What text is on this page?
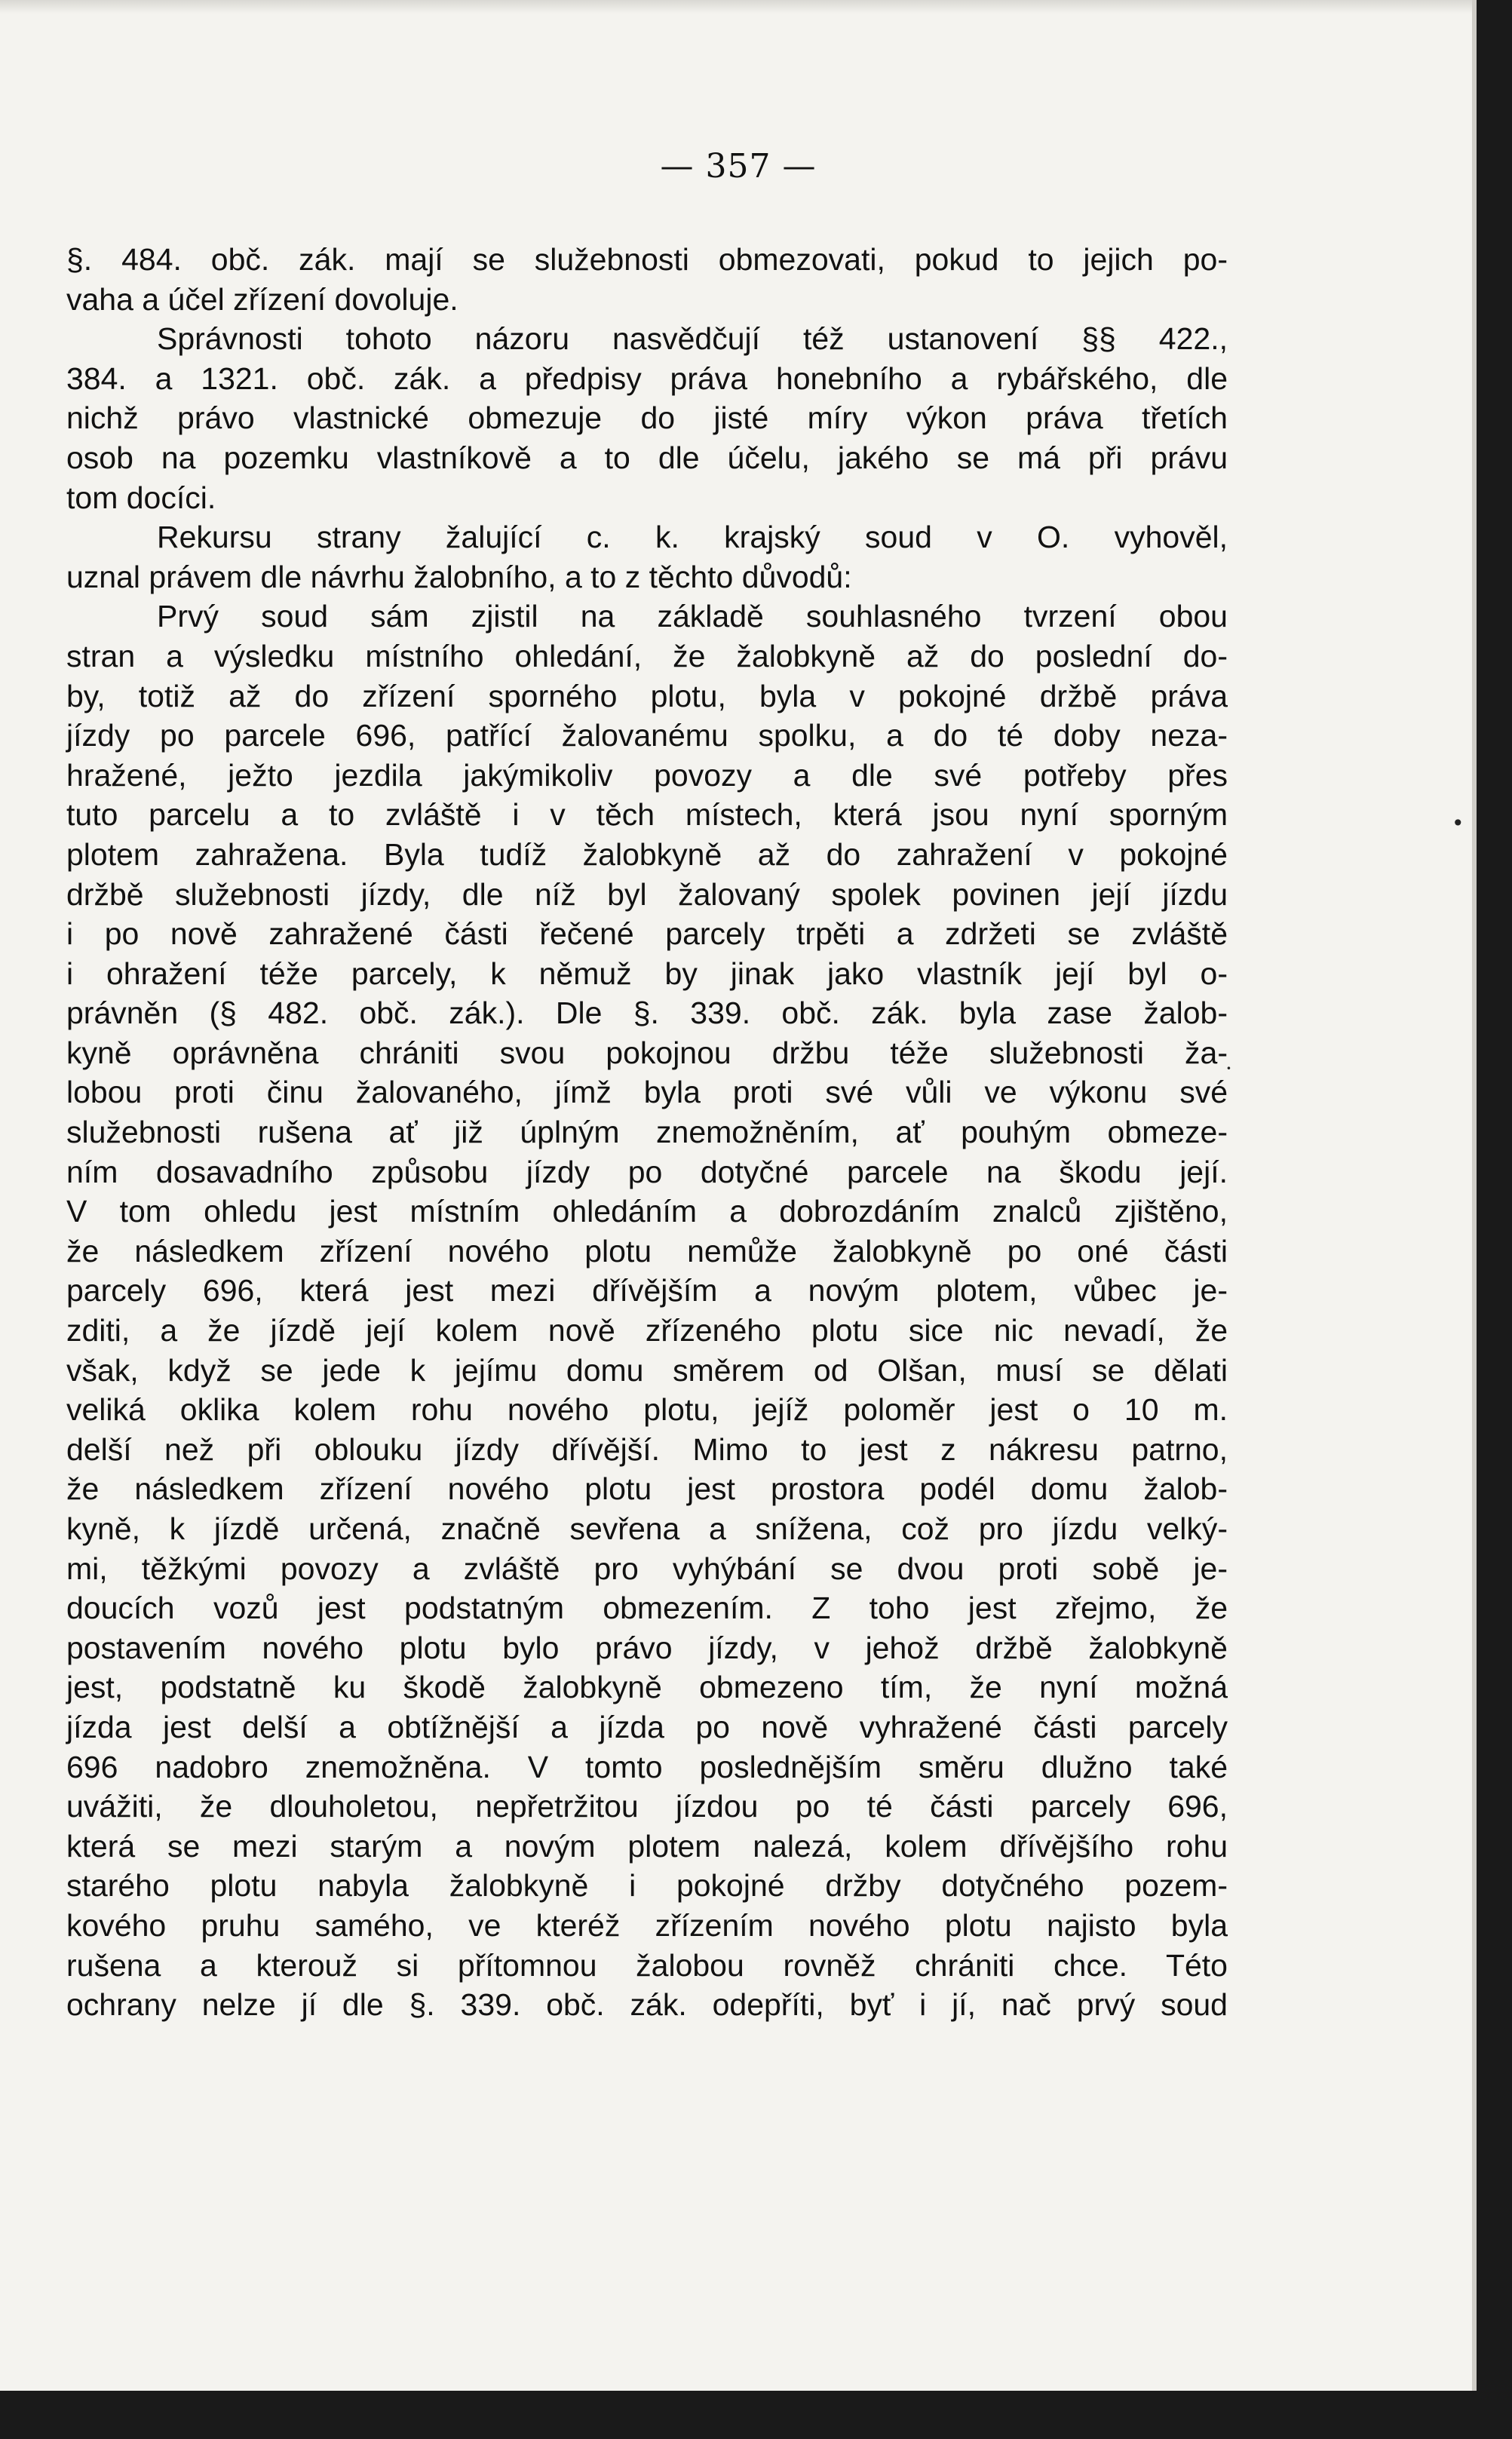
— 357 —
§. 484. obč. zák. mají se služebnosti obmezovati, pokud to jejich po-
vaha a účel zřízení dovoluje.
Správnosti tohoto názoru nasvědčují též ustanovení §§ 422.,
384. a 1321. obč. zák. a předpisy práva honebního a rybářského, dle
nichž právo vlastnické obmezuje do jisté míry výkon práva třetích
osob na pozemku vlastníkově a to dle účelu, jakého se má při právu
tom docíci.
Rekursu strany žalující c. k. krajský soud v O. vyhověl,
uznal právem dle návrhu žalobního, a to z těchto důvodů:
Prvý soud sám zjistil na základě souhlasného tvrzení obou
stran a výsledku místního ohledání, že žalobkyně až do poslední do-
by, totiž až do zřízení sporného plotu, byla v pokojné držbě práva
jízdy po parcele 696, patřící žalovanému spolku, a do té doby neza-
hražené, ježto jezdila jakýmikoliv povozy a dle své potřeby přes
tuto parcelu a to zvláště i v těch místech, která jsou nyní sporným
plotem zahražena. Byla tudíž žalobkyně až do zahražení v pokojné
držbě služebnosti jízdy, dle níž byl žalovaný spolek povinen její jízdu
i po nově zahražené části řečené parcely trpěti a zdržeti se zvláště
i ohražení téže parcely, k němuž by jinak jako vlastník její byl o-
právněn (§ 482. obč. zák.). Dle §. 339. obč. zák. byla zase žalob-
kyně oprávněna chrániti svou pokojnou držbu téže služebnosti ža-
lobou proti činu žalovaného, jímž byla proti své vůli ve výkonu své
služebnosti rušena ať již úplným znemožněním, ať pouhým obmeze-
ním dosavadního způsobu jízdy po dotyčné parcele na škodu její.
V tom ohledu jest místním ohledáním a dobrozdáním znalců zjištěno,
že následkem zřízení nového plotu nemůže žalobkyně po oné části
parcely 696, která jest mezi dřívějším a novým plotem, vůbec je-
zditi, a že jízdě její kolem nově zřízeného plotu sice nic nevadí, že
však, když se jede k jejímu domu směrem od Olšan, musí se dělati
veliká oklika kolem rohu nového plotu, jejíž poloměr jest o 10 m.
delší než při oblouku jízdy dřívější. Mimo to jest z nákresu patrno,
že následkem zřízení nového plotu jest prostora podél domu žalob-
kyně, k jízdě určená, značně sevřena a snížena, což pro jízdu velký-
mi, těžkými povozy a zvláště pro vyhýbání se dvou proti sobě je-
doucích vozů jest podstatným obmezením. Z toho jest zřejmo, že
postavením nového plotu bylo právo jízdy, v jehož držbě žalobkyně
jest, podstatně ku škodě žalobkyně obmezeno tím, že nyní možná
jízda jest delší a obtížnější a jízda po nově vyhražené části parcely
696 nadobro znemožněna. V tomto poslednějším směru dlužno také
uvážiti, že dlouholetou, nepřetržitou jízdou po té části parcely 696,
která se mezi starým a novým plotem nalezá, kolem dřívějšího rohu
starého plotu nabyla žalobkyně i pokojné držby dotyčného pozem-
kového pruhu samého, ve kteréž zřízením nového plotu najisto byla
rušena a kterouž si přítomnou žalobou rovněž chrániti chce. Této
ochrany nelze jí dle §. 339. obč. zák. odepříti, byť i jí, nač prvý soud
•
·
